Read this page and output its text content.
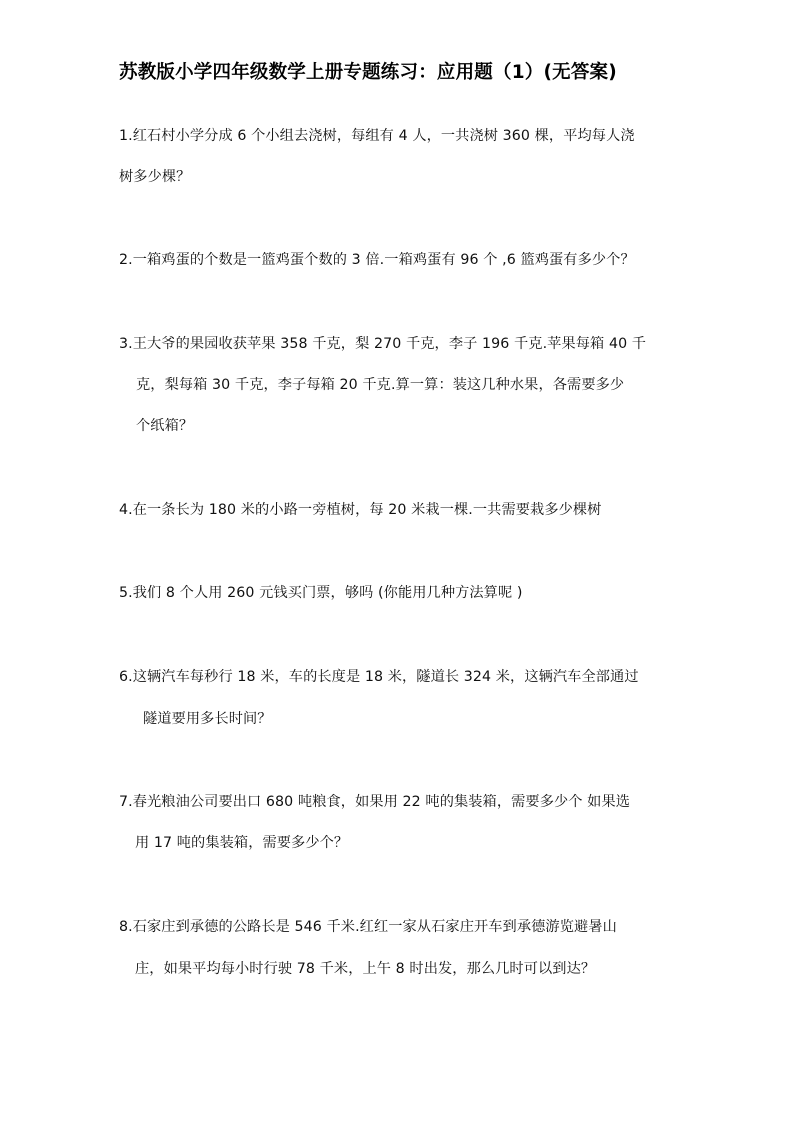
苏教版小学四年级数学上册专题练习：应用题（1）(无答案)
1.红石村小学分成 6 个小组去浇树，每组有 4 人，一共浇树 360 棵，平均每人浇
树多少棵？
2.一箱鸡蛋的个数是一篮鸡蛋个数的 3 倍.一箱鸡蛋有 96 个 ,6 篮鸡蛋有多少个？
3.王大爷的果园收获苹果 358 千克，梨 270 千克，李子 196 千克.苹果每箱 40 千
克，梨每箱 30 千克，李子每箱 20 千克.算一算：装这几种水果，各需要多少
个纸箱？
4.在一条长为 180 米的小路一旁植树，每 20 米栽一棵.一共需要栽多少棵树
5.我们 8 个人用 260 元钱买门票，够吗 (你能用几种方法算呢 )
6.这辆汽车每秒行 18 米，车的长度是 18 米，隧道长 324 米，这辆汽车全部通过
隧道要用多长时间？
7.春光粮油公司要出口 680 吨粮食，如果用 22 吨的集装箱，需要多少个 如果选
用 17 吨的集装箱，需要多少个？
8.石家庄到承德的公路长是 546 千米.红红一家从石家庄开车到承德游览避暑山
庄，如果平均每小时行驶 78 千米，上午 8 时出发，那么几时可以到达？
